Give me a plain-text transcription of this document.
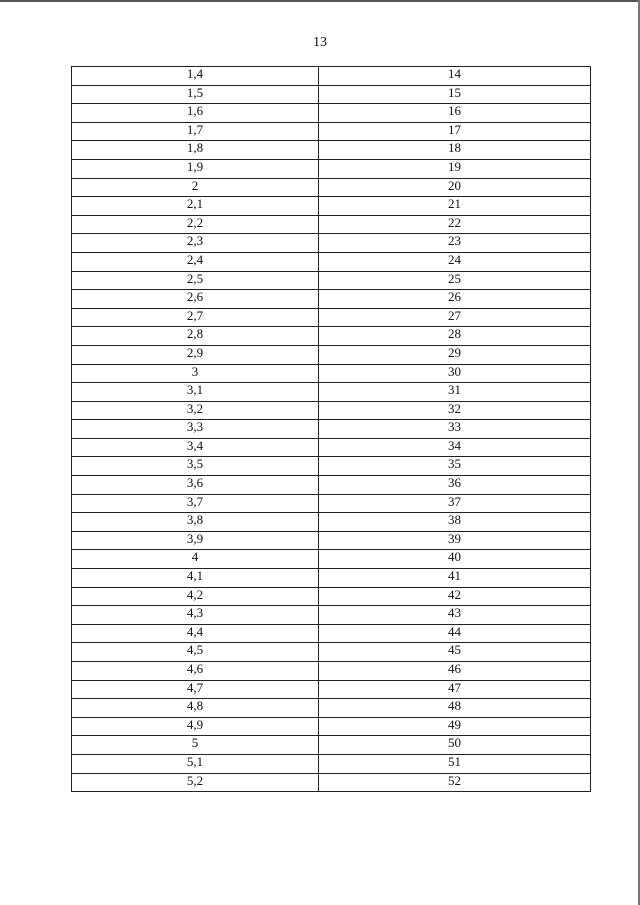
13
1,4	14
1,5	15
1,6	16
1,7	17
1,8	18
1,9	19
2	20
2,1	21
2,2	22
2,3	23
2,4	24
2,5	25
2,6	26
2,7	27
2,8	28
2,9	29
3	30
3,1	31
3,2	32
3,3	33
3,4	34
3,5	35
3,6	36
3,7	37
3,8	38
3,9	39
4	40
4,1	41
4,2	42
4,3	43
4,4	44
4,5	45
4,6	46
4,7	47
4,8	48
4,9	49
5	50
5,1	51
5,2	52
